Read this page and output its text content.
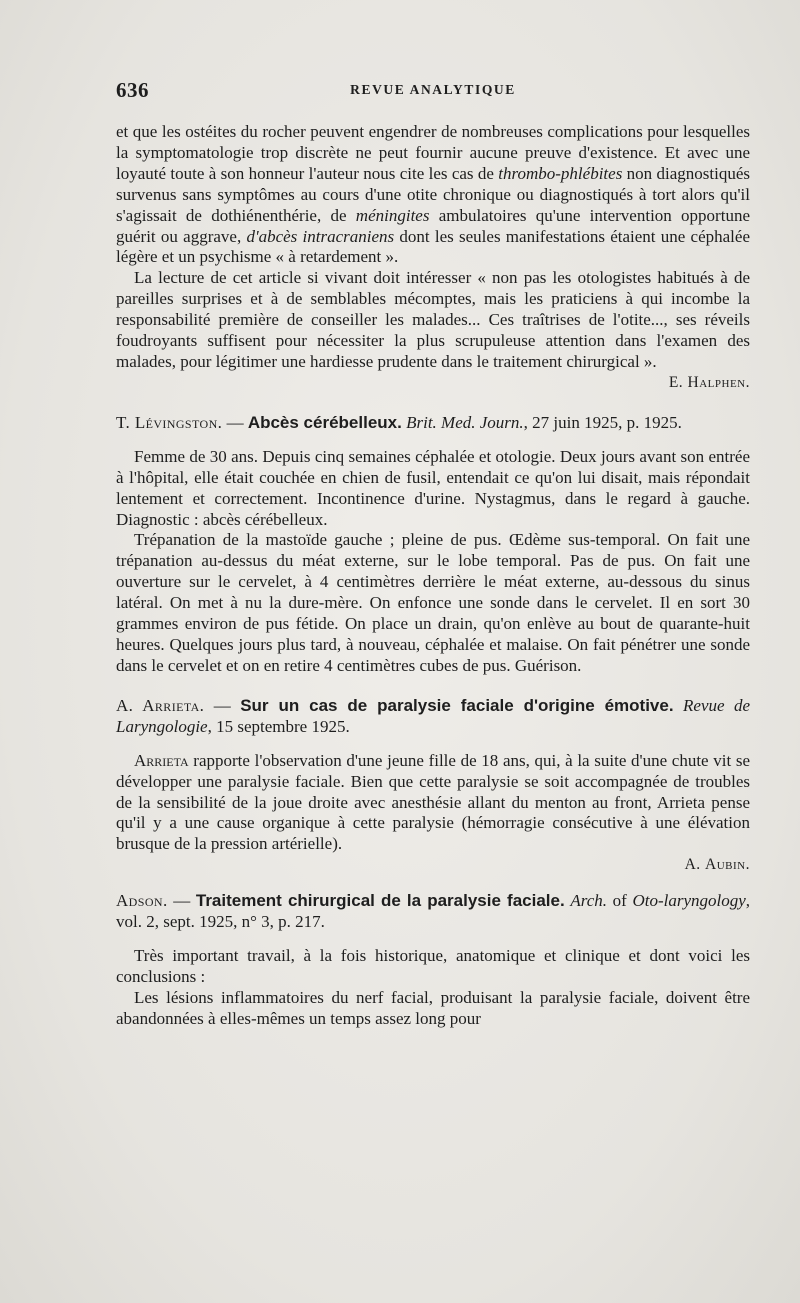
636	REVUE ANALYTIQUE

et que les ostéites du rocher peuvent engendrer de nombreuses complications pour lesquelles la symptomatologie trop discrète ne peut fournir aucune preuve d'existence. Et avec une loyauté toute à son honneur l'auteur nous cite les cas de thrombo-phlébites non diagnostiqués survenus sans symptômes au cours d'une otite chronique ou diagnostiqués à tort alors qu'il s'agissait de dothiénenthérie, de méningites ambulatoires qu'une intervention opportune guérit ou aggrave, d'abcès intracraniens dont les seules manifestations étaient une céphalée légère et un psychisme « à retardement ».

La lecture de cet article si vivant doit intéresser « non pas les otologistes habitués à de pareilles surprises et à de semblables mécomptes, mais les praticiens à qui incombe la responsabilité première de conseiller les malades... Ces traîtrises de l'otite..., ses réveils foudroyants suffisent pour nécessiter la plus scrupuleuse attention dans l'examen des malades, pour légitimer une hardiesse prudente dans le traitement chirurgical ».

E. Halphen.

T. Lévingston. — Abcès cérébelleux. Brit. Med. Journ., 27 juin 1925, p. 1925.

Femme de 30 ans. Depuis cinq semaines céphalée et otologie. Deux jours avant son entrée à l'hôpital, elle était couchée en chien de fusil, entendait ce qu'on lui disait, mais répondait lentement et correctement. Incontinence d'urine. Nystagmus, dans le regard à gauche. Diagnostic : abcès cérébelleux.

Trépanation de la mastoïde gauche ; pleine de pus. Œdème sus-temporal. On fait une trépanation au-dessus du méat externe, sur le lobe temporal. Pas de pus. On fait une ouverture sur le cervelet, à 4 centimètres derrière le méat externe, au-dessous du sinus latéral. On met à nu la dure-mère. On enfonce une sonde dans le cervelet. Il en sort 30 grammes environ de pus fétide. On place un drain, qu'on enlève au bout de quarante-huit heures. Quelques jours plus tard, à nouveau, céphalée et malaise. On fait pénétrer une sonde dans le cervelet et on en retire 4 centimètres cubes de pus. Guérison.

A. Arrieta. — Sur un cas de paralysie faciale d'origine émotive. Revue de Laryngologie, 15 septembre 1925.

Arrieta rapporte l'observation d'une jeune fille de 18 ans, qui, à la suite d'une chute vit se développer une paralysie faciale. Bien que cette paralysie se soit accompagnée de troubles de la sensibilité de la joue droite avec anesthésie allant du menton au front, Arrieta pense qu'il y a une cause organique à cette paralysie (hémorragie consécutive à une élévation brusque de la pression artérielle).

A. Aubin.

Adson. — Traitement chirurgical de la paralysie faciale. Arch. of Oto-laryngology, vol. 2, sept. 1925, n° 3, p. 217.

Très important travail, à la fois historique, anatomique et clinique et dont voici les conclusions :

Les lésions inflammatoires du nerf facial, produisant la paralysie faciale, doivent être abandonnées à elles-mêmes un temps assez long pour
